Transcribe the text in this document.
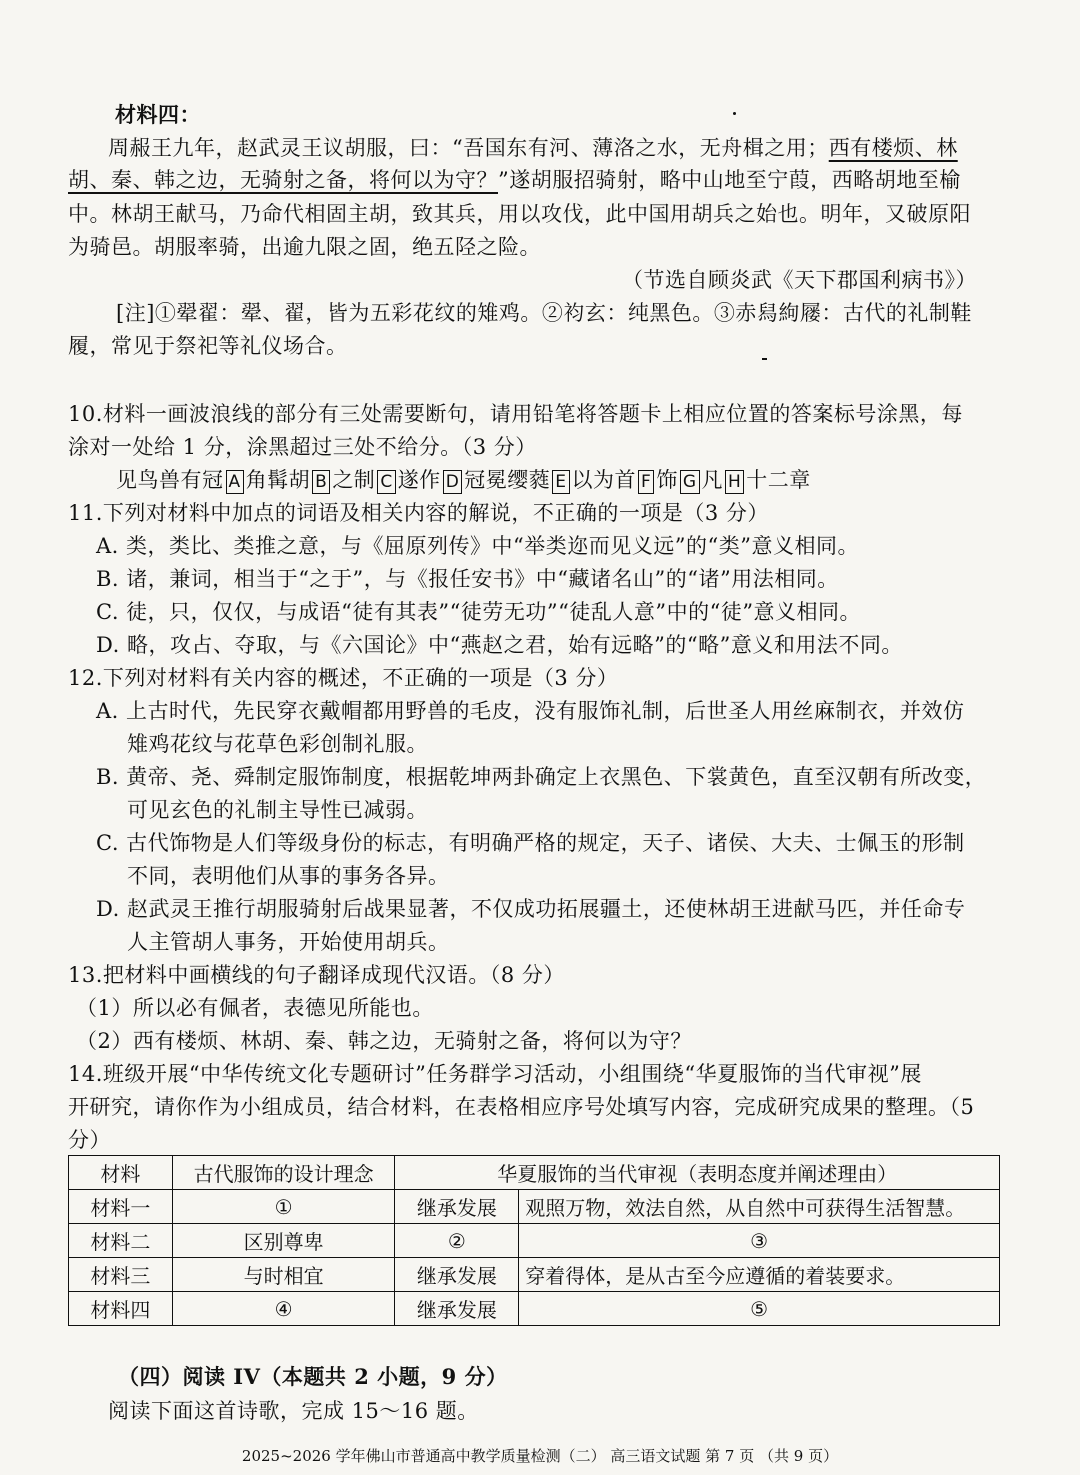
材料四：
周赧王九年，赵武灵王议胡服，曰：“吾国东有河、薄洛之水，无舟楫之用；西有楼烦、林
胡、秦、韩之边，无骑射之备，将何以为守？”遂胡服招骑射，略中山地至宁葭，西略胡地至榆
中。林胡王献马，乃命代相固主胡，致其兵，用以攻伐，此中国用胡兵之始也。明年，又破原阳
为骑邑。胡服率骑，出逾九限之固，绝五陉之险。
（节选自顾炎武《天下郡国利病书》）
[注]①翚翟：翚、翟，皆为五彩花纹的雉鸡。②袀玄：纯黑色。③赤舄絇屦：古代的礼制鞋
履，常见于祭祀等礼仪场合。
10.材料一画波浪线的部分有三处需要断句，请用铅笔将答题卡上相应位置的答案标号涂黑，每
涂对一处给 1 分，涂黑超过三处不给分。（3 分）
见鸟兽有冠 A 角髯胡 B 之制 C 遂作 D 冠冕缨蕤 E 以为首 F 饰 G 凡 H 十二章
11.下列对材料中加点的词语及相关内容的解说，不正确的一项是（3 分）
A. 类，类比、类推之意，与《屈原列传》中“举类迩而见义远”的“类”意义相同。
B. 诸，兼词，相当于“之于”，与《报任安书》中“藏诸名山”的“诸”用法相同。
C. 徒，只，仅仅，与成语“徒有其表”“徒劳无功”“徒乱人意”中的“徒”意义相同。
D. 略，攻占、夺取，与《六国论》中“燕赵之君，始有远略”的“略”意义和用法不同。
12.下列对材料有关内容的概述，不正确的一项是（3 分）
A. 上古时代，先民穿衣戴帽都用野兽的毛皮，没有服饰礼制，后世圣人用丝麻制衣，并效仿
雉鸡花纹与花草色彩创制礼服。
B. 黄帝、尧、舜制定服饰制度，根据乾坤两卦确定上衣黑色、下裳黄色，直至汉朝有所改变，
可见玄色的礼制主导性已减弱。
C. 古代饰物是人们等级身份的标志，有明确严格的规定，天子、诸侯、大夫、士佩玉的形制
不同，表明他们从事的事务各异。
D. 赵武灵王推行胡服骑射后战果显著，不仅成功拓展疆土，还使林胡王进献马匹，并任命专
人主管胡人事务，开始使用胡兵。
13.把材料中画横线的句子翻译成现代汉语。（8 分）
（1）所以必有佩者，表德见所能也。
（2）西有楼烦、林胡、秦、韩之边，无骑射之备，将何以为守？
14.班级开展“中华传统文化专题研讨”任务群学习活动，小组围绕“华夏服饰的当代审视”展
开研究，请你作为小组成员，结合材料，在表格相应序号处填写内容，完成研究成果的整理。（5
分）
材料	古代服饰的设计理念	华夏服饰的当代审视（表明态度并阐述理由）	
材料一	①	继承发展	观照万物，效法自然，从自然中可获得生活智慧。
材料二	区别尊卑	②	③
材料三	与时相宜	继承发展	穿着得体，是从古至今应遵循的着装要求。
材料四	④	继承发展	⑤
（四）阅读 IV（本题共 2 小题，9 分）
阅读下面这首诗歌，完成 15～16 题。
2025~2026 学年佛山市普通高中教学质量检测（二） 高三语文试题 第 7 页 （共 9 页）
